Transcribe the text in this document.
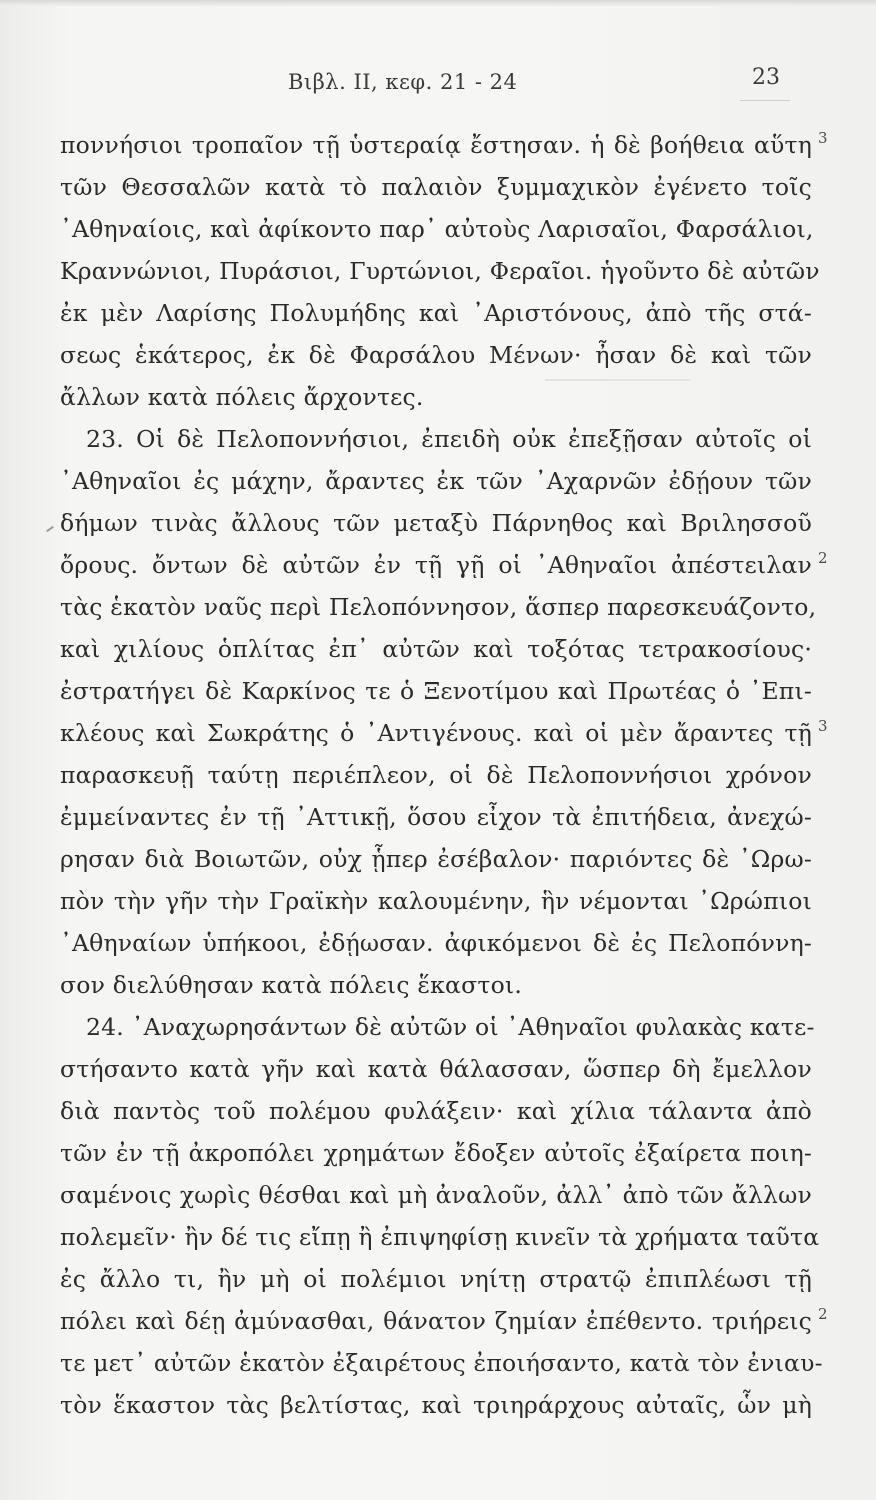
Βιβλ. II, κεφ. 21 - 24	23
ποννήσιοι τροπαῖον τῇ ὑστεραίᾳ ἔστησαν. ἡ δὲ βοήθεια αὕτη
τῶν Θεσσαλῶν κατὰ τὸ παλαιὸν ξυμμαχικὸν ἐγένετο τοῖς
᾿Αθηναίοις, καὶ ἀφίκοντο παρ᾿ αὐτοὺς Λαρισαῖοι, Φαρσάλιοι,
Κραννώνιοι, Πυράσιοι, Γυρτώνιοι, Φεραῖοι. ἡγοῦντο δὲ αὐτῶν
ἐκ μὲν Λαρίσης Πολυμήδης καὶ ᾿Αριστόνους, ἀπὸ τῆς στά-
σεως ἑκάτερος, ἐκ δὲ Φαρσάλου Μένων· ἦσαν δὲ καὶ τῶν
ἄλλων κατὰ πόλεις ἄρχοντες.
23. Οἱ δὲ Πελοποννήσιοι, ἐπειδὴ οὐκ ἐπεξῇσαν αὐτοῖς οἱ
᾿Αθηναῖοι ἐς μάχην, ἄραντες ἐκ τῶν ᾿Αχαρνῶν ἐδῄουν τῶν
δήμων τινὰς ἄλλους τῶν μεταξὺ Πάρνηθος καὶ Βριλησσοῦ
ὄρους. ὄντων δὲ αὐτῶν ἐν τῇ γῇ οἱ ᾿Αθηναῖοι ἀπέστειλαν
τὰς ἑκατὸν ναῦς περὶ Πελοπόννησον, ἅσπερ παρεσκευάζοντο,
καὶ χιλίους ὁπλίτας ἐπ᾿ αὐτῶν καὶ τοξότας τετρακοσίους·
ἐστρατήγει δὲ Καρκίνος τε ὁ Ξενοτίμου καὶ Πρωτέας ὁ ᾿Επι-
κλέους καὶ Σωκράτης ὁ ᾿Αντιγένους. καὶ οἱ μὲν ἄραντες τῇ
παρασκευῇ ταύτῃ περιέπλεον, οἱ δὲ Πελοποννήσιοι χρόνον
ἐμμείναντες ἐν τῇ ᾿Αττικῇ, ὅσου εἶχον τὰ ἐπιτήδεια, ἀνεχώ-
ρησαν διὰ Βοιωτῶν, οὐχ ᾗπερ ἐσέβαλον· παριόντες δὲ ᾿Ωρω-
πὸν τὴν γῆν τὴν Γραϊκὴν καλουμένην, ἣν νέμονται ᾿Ωρώπιοι
᾿Αθηναίων ὑπήκοοι, ἐδῄωσαν. ἀφικόμενοι δὲ ἐς Πελοπόννη-
σον διελύθησαν κατὰ πόλεις ἕκαστοι.
24. ᾿Αναχωρησάντων δὲ αὐτῶν οἱ ᾿Αθηναῖοι φυλακὰς κατε-
στήσαντο κατὰ γῆν καὶ κατὰ θάλασσαν, ὥσπερ δὴ ἔμελλον
διὰ παντὸς τοῦ πολέμου φυλάξειν· καὶ χίλια τάλαντα ἀπὸ
τῶν ἐν τῇ ἀκροπόλει χρημάτων ἔδοξεν αὐτοῖς ἐξαίρετα ποιη-
σαμένοις χωρὶς θέσθαι καὶ μὴ ἀναλοῦν, ἀλλ᾿ ἀπὸ τῶν ἄλλων
πολεμεῖν· ἢν δέ τις εἴπῃ ἢ ἐπιψηφίσῃ κινεῖν τὰ χρήματα ταῦτα
ἐς ἄλλο τι, ἢν μὴ οἱ πολέμιοι νηίτῃ στρατῷ ἐπιπλέωσι τῇ
πόλει καὶ δέῃ ἀμύνασθαι, θάνατον ζημίαν ἐπέθεντο. τριήρεις
τε μετ᾿ αὐτῶν ἑκατὸν ἐξαιρέτους ἐποιήσαντο, κατὰ τὸν ἐνιαυ-
τὸν ἕκαστον τὰς βελτίστας, καὶ τριηράρχους αὐταῖς, ὧν μὴ
3
2
3
2
